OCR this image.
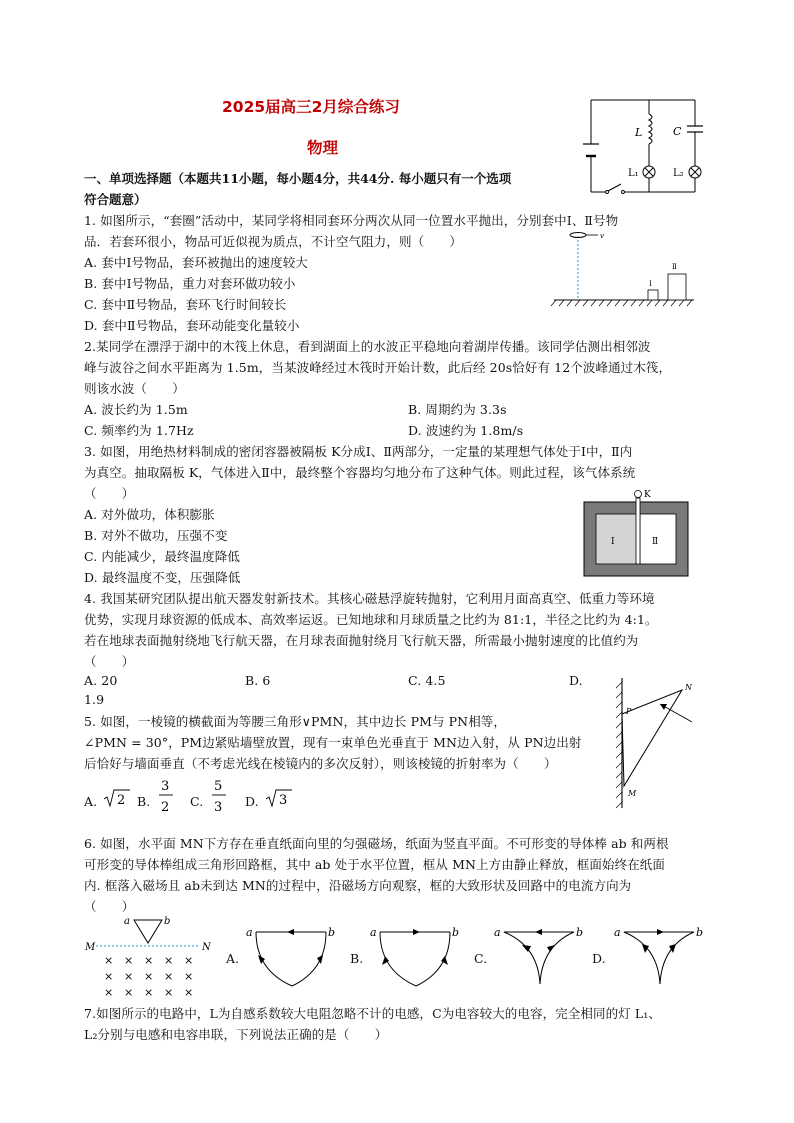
2025届高三2月综合练习
物理
一、单项选择题（本题共11小题，每小题4分，共44分. 每小题只有一个选项
符合题意）
1. 如图所示，“套圈”活动中，某同学将相同套环分两次从同一位置水平抛出，分别套中Ⅰ、Ⅱ号物
品．若套环很小，物品可近似视为质点，不计空气阻力，则（　　）
A. 套中Ⅰ号物品，套环被抛出的速度较大
B. 套中Ⅰ号物品，重力对套环做功较小
C. 套中Ⅱ号物品，套环飞行时间较长
D. 套中Ⅱ号物品，套环动能变化量较小
v
Ⅰ
Ⅱ
2.某同学在漂浮于湖中的木筏上休息，看到湖面上的水波正平稳地向着湖岸传播。该同学估测出相邻波
峰与波谷之间水平距离为 1.5m，当某波峰经过木筏时开始计数，此后经 20s恰好有 12个波峰通过木筏，
则该水波（　　）
A. 波长约为 1.5m	B. 周期约为 3.3s
C. 频率约为 1.7Hz	D. 波速约为 1.8m/s
3. 如图，用绝热材料制成的密闭容器被隔板 K分成Ⅰ、Ⅱ两部分，一定量的某理想气体处于Ⅰ中，Ⅱ内
为真空。抽取隔板 K，气体进入Ⅱ中，最终整个容器均匀地分布了这种气体。则此过程，该气体系统
（　　）
A. 对外做功，体积膨胀
B. 对外不做功，压强不变
C. 内能减少，最终温度降低
D. 最终温度不变，压强降低
K
Ⅰ	Ⅱ
4. 我国某研究团队提出航天器发射新技术。其核心磁悬浮旋转抛射，它利用月面高真空、低重力等环境
优势，实现月球资源的低成本、高效率运返。已知地球和月球质量之比约为 81:1，半径之比约为 4:1。
若在地球表面抛射绕地飞行航天器，在月球表面抛射绕月飞行航天器，所需最小抛射速度的比值约为
（　　）
A. 20	B. 6	C. 4.5	D.
1.9
5. 如图，一棱镜的横截面为等腰三角形∨PMN，其中边长 PM与 PN相等，
∠PMN = 30°，PM边紧贴墙壁放置，现有一束单色光垂直于 MN边入射，从 PN边出射
后恰好与墙面垂直（不考虑光线在棱镜内的多次反射），则该棱镜的折射率为（　　）
A. 2 B.
3
2 C.
5
3 D. 3
P
N
M
6. 如图，水平面 MN下方存在垂直纸面向里的匀强磁场，纸面为竖直平面。不可形变的导体棒 ab 和两根
可形变的导体棒组成三角形回路框，其中 ab 处于水平位置，框从 MN上方由静止释放，框面始终在纸面
内. 框落入磁场且 ab未到达 MN的过程中，沿磁场方向观察，框的大致形状及回路中的电流方向为
（　　）
a	b
M	N
× × × × ×
× × × × ×
× × × × ×
A.
a	b
B.
a	b
C.
a	b
D.
a	b
7.如图所示的电路中，L为自感系数较大电阻忽略不计的电感，C为电容较大的电容，完全相同的灯 L₁、
L₂分别与电感和电容串联，下列说法正确的是（　　）
L	C
L₁	L₂
